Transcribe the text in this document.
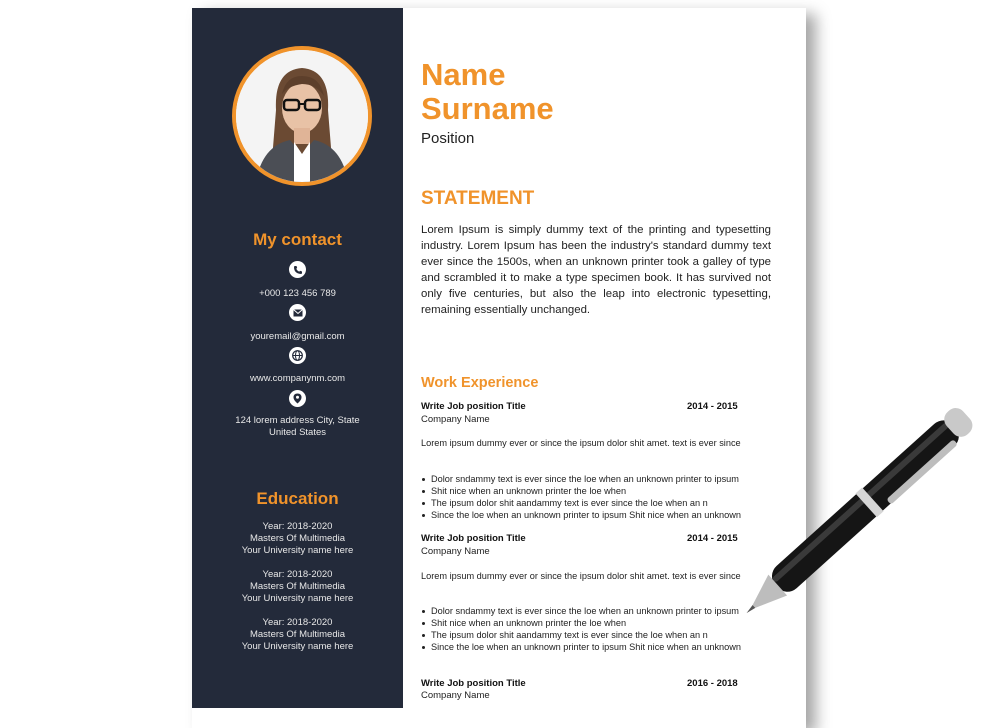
My contact
+000 123 456 789
youremail@gmail.com
www.companynm.com
124 lorem address City, State
United States
Education
Year: 2018-2020
Masters Of Multimedia
Your University name here
Year: 2018-2020
Masters Of Multimedia
Your University name here
Year: 2018-2020
Masters Of Multimedia
Your University name here
Name
Surname
Position
STATEMENT
Lorem Ipsum is simply dummy text of the printing and typesetting industry. Lorem Ipsum has been the industry's standard dummy text ever since the 1500s, when an unknown printer took a galley of type and scrambled it to make a type specimen book. It has survived not only five centuries, but also the leap into electronic typesetting, remaining essentially unchanged.
Work Experience
Write Job position Title	2014 - 2015
Company Name
Lorem ipsum dummy ever or since the ipsum dolor shit amet. text is ever since
Dolor sndammy text is ever since the loe when an unknown printer to ipsum
Shit nice when an unknown printer the loe when
The ipsum dolor shit aandammy text is ever since the loe when an n
Since the loe when an unknown printer to ipsum Shit nice when an unknown
Write Job position Title	2014 - 2015
Company Name
Lorem ipsum dummy ever or since the ipsum dolor shit amet. text is ever since
Dolor sndammy text is ever since the loe when an unknown printer to ipsum
Shit nice when an unknown printer the loe when
The ipsum dolor shit aandammy text is ever since the loe when an n
Since the loe when an unknown printer to ipsum Shit nice when an unknown
Write Job position Title	2016 - 2018
Company Name
